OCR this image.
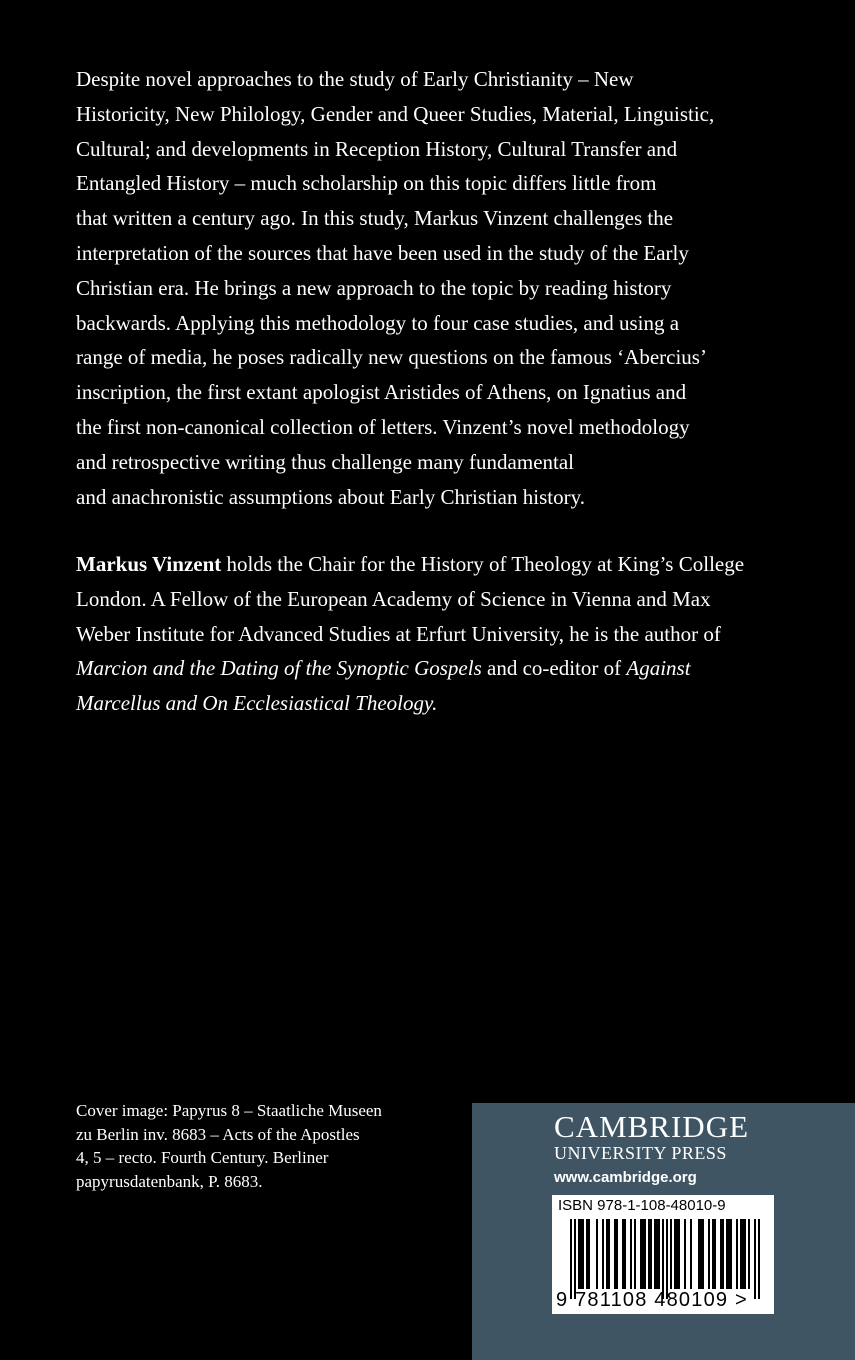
Despite novel approaches to the study of Early Christianity – New
Historicity, New Philology, Gender and Queer Studies, Material, Linguistic,
Cultural; and developments in Reception History, Cultural Transfer and
Entangled History – much scholarship on this topic differs little from
that written a century ago. In this study, Markus Vinzent challenges the
interpretation of the sources that have been used in the study of the Early
Christian era. He brings a new approach to the topic by reading history
backwards. Applying this methodology to four case studies, and using a
range of media, he poses radically new questions on the famous ‘Abercius’
inscription, the first extant apologist Aristides of Athens, on Ignatius and
the first non-canonical collection of letters. Vinzent’s novel methodology
and retrospective writing thus challenge many fundamental
and anachronistic assumptions about Early Christian history.

Markus Vinzent holds the Chair for the History of Theology at King’s College London. A Fellow of the European Academy of Science in Vienna and Max Weber Institute for Advanced Studies at Erfurt University, he is the author of Marcion and the Dating of the Synoptic Gospels and co-editor of Against Marcellus and On Ecclesiastical Theology.

Cover image: Papyrus 8 – Staatliche Museen
zu Berlin inv. 8683 – Acts of the Apostles
4, 5 – recto. Fourth Century. Berliner
papyrusdatenbank, P. 8683.

CAMBRIDGE
UNIVERSITY PRESS
www.cambridge.org
ISBN 978-1-108-48010-9
9 781108 480109 >
